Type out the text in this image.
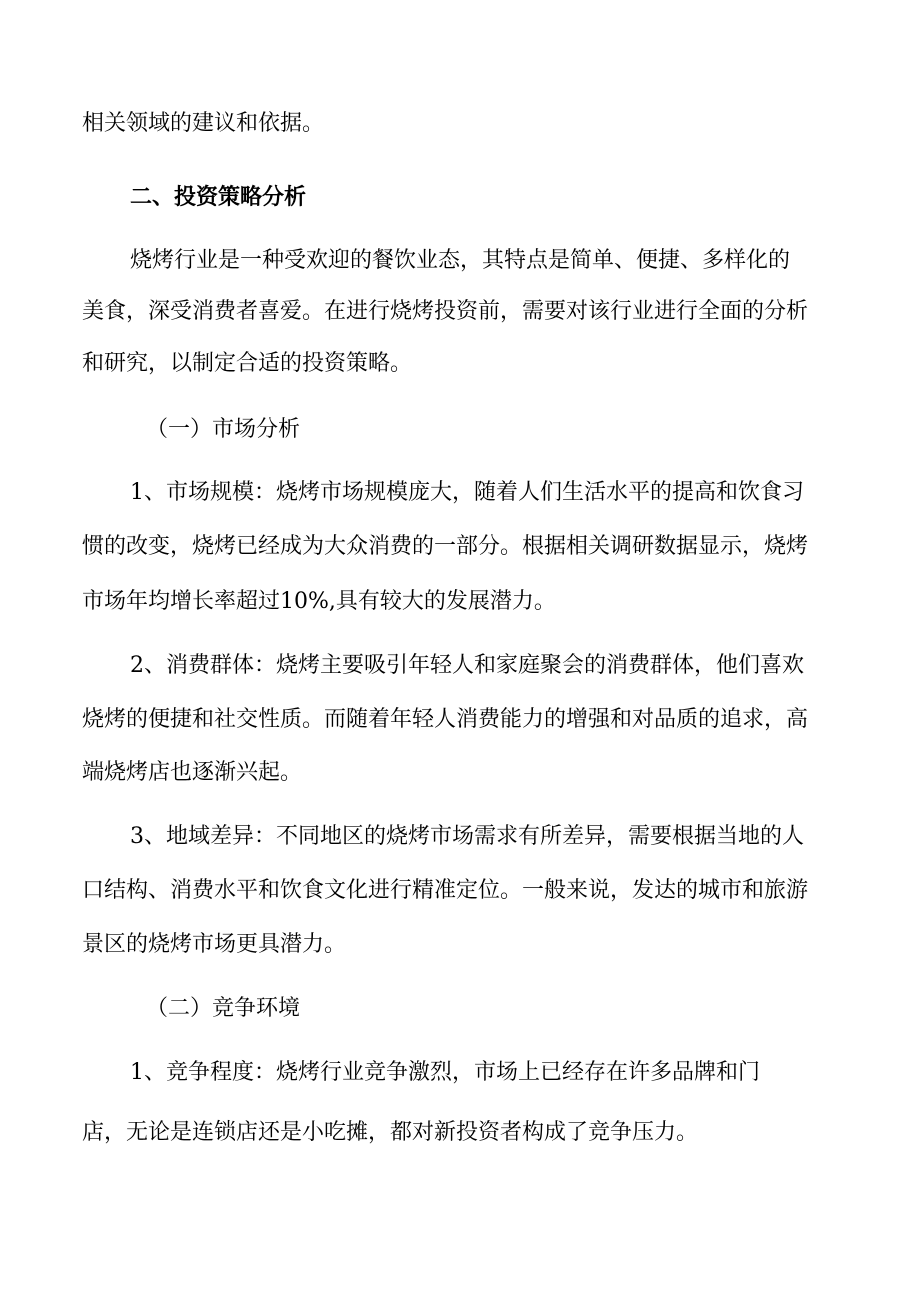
相关领域的建议和依据。
二、投资策略分析
烧烤行业是一种受欢迎的餐饮业态，其特点是简单、便捷、多样化的
美食，深受消费者喜爱。在进行烧烤投资前，需要对该行业进行全面的分析
和研究，以制定合适的投资策略。
（一）市场分析
1、市场规模：烧烤市场规模庞大，随着人们生活水平的提高和饮食习
惯的改变，烧烤已经成为大众消费的一部分。根据相关调研数据显示，烧烤
市场年均增长率超过10%,具有较大的发展潜力。
2、消费群体：烧烤主要吸引年轻人和家庭聚会的消费群体，他们喜欢
烧烤的便捷和社交性质。而随着年轻人消费能力的增强和对品质的追求，高
端烧烤店也逐渐兴起。
3、地域差异：不同地区的烧烤市场需求有所差异，需要根据当地的人
口结构、消费水平和饮食文化进行精准定位。一般来说，发达的城市和旅游
景区的烧烤市场更具潜力。
（二）竞争环境
1、竞争程度：烧烤行业竞争激烈，市场上已经存在许多品牌和门
店，无论是连锁店还是小吃摊，都对新投资者构成了竞争压力。
